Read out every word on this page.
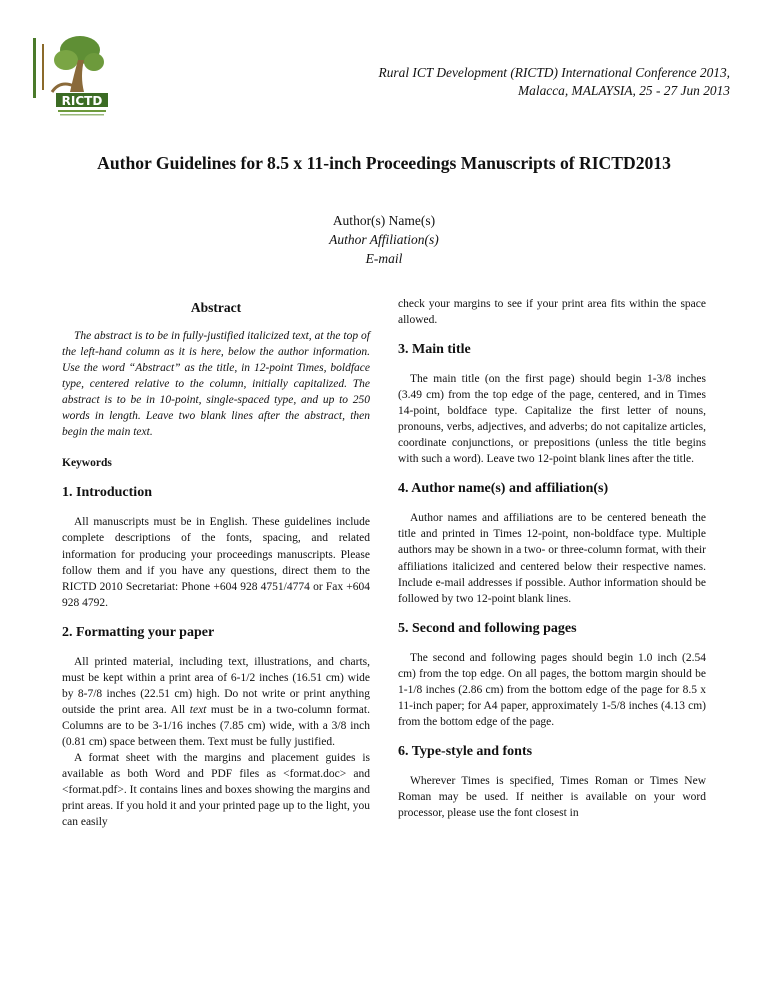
RICTD
Rural ICT Development (RICTD) International Conference 2013,
Malacca, MALAYSIA, 25 - 27 Jun 2013
Author Guidelines for 8.5 x 11-inch Proceedings Manuscripts of RICTD2013
Author(s) Name(s)
Author Affiliation(s)
E-mail
Abstract

The abstract is to be in fully-justified italicized text, at the top of the left-hand column as it is here, below the author information. Use the word “Abstract” as the title, in 12-point Times, boldface type, centered relative to the column, initially capitalized. The abstract is to be in 10-point, single-spaced type, and up to 250 words in length. Leave two blank lines after the abstract, then begin the main text.

Keywords
1. Introduction

All manuscripts must be in English. These guidelines include complete descriptions of the fonts, spacing, and related information for producing your proceedings manuscripts. Please follow them and if you have any questions, direct them to the RICTD 2010 Secretariat: Phone +604 928 4751/4774 or Fax +604 928 4792.

2. Formatting your paper

All printed material, including text, illustrations, and charts, must be kept within a print area of 6-1/2 inches (16.51 cm) wide by 8-7/8 inches (22.51 cm) high. Do not write or print anything outside the print area. All text must be in a two-column format. Columns are to be 3-1/16 inches (7.85 cm) wide, with a 3/8 inch (0.81 cm) space between them. Text must be fully justified.

A format sheet with the margins and placement guides is available as both Word and PDF files as <format.doc> and <format.pdf>. It contains lines and boxes showing the margins and print areas. If you hold it and your printed page up to the light, you can easily

check your margins to see if your print area fits within the space allowed.

3. Main title

The main title (on the first page) should begin 1-3/8 inches (3.49 cm) from the top edge of the page, centered, and in Times 14-point, boldface type. Capitalize the first letter of nouns, pronouns, verbs, adjectives, and adverbs; do not capitalize articles, coordinate conjunctions, or prepositions (unless the title begins with such a word). Leave two 12-point blank lines after the title.

4. Author name(s) and affiliation(s)

Author names and affiliations are to be centered beneath the title and printed in Times 12-point, non-boldface type. Multiple authors may be shown in a two- or three-column format, with their affiliations italicized and centered below their respective names. Include e-mail addresses if possible. Author information should be followed by two 12-point blank lines.

5. Second and following pages

The second and following pages should begin 1.0 inch (2.54 cm) from the top edge. On all pages, the bottom margin should be 1-1/8 inches (2.86 cm) from the bottom edge of the page for 8.5 x 11-inch paper; for A4 paper, approximately 1-5/8 inches (4.13 cm) from the bottom edge of the page.

6. Type-style and fonts

Wherever Times is specified, Times Roman or Times New Roman may be used. If neither is available on your word processor, please use the font closest in
